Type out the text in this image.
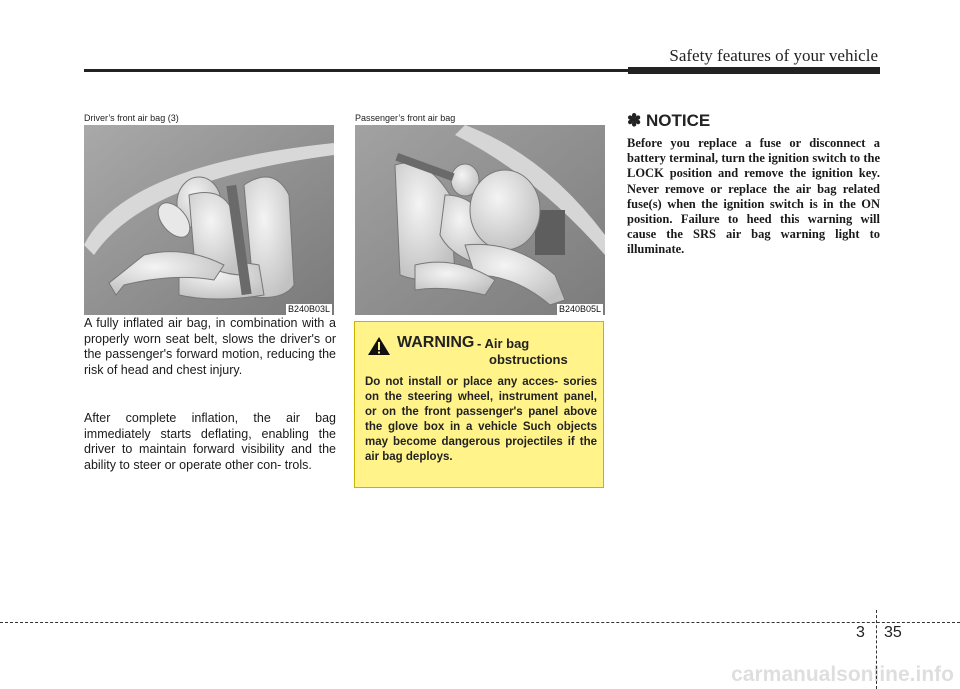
Safety features of your vehicle
Driver’s front air bag (3)
B240B03L
Passenger’s front air bag
B240B05L

A fully inflated air bag, in combination with a properly worn seat belt, slows the driver's or the passenger's forward motion, reducing the risk of head and chest injury.

After complete inflation, the air bag immediately starts deflating, enabling the driver to maintain forward visibility and the ability to steer or operate other con- trols.

WARNING - Air bag
obstructions
Do not install or place any acces- sories on the steering wheel, instrument panel, or on the front passenger's panel above the glove box in a vehicle Such objects may become dangerous projectiles if the air bag deploys.
✽ NOTICE
Before you replace a fuse or disconnect a battery terminal, turn the ignition switch to the LOCK position and remove the ignition key. Never remove or replace the air bag related fuse(s) when the ignition switch is in the ON position. Failure to heed this warning will cause the SRS air bag warning light to illuminate.
3 35
carmanualsonline.info
